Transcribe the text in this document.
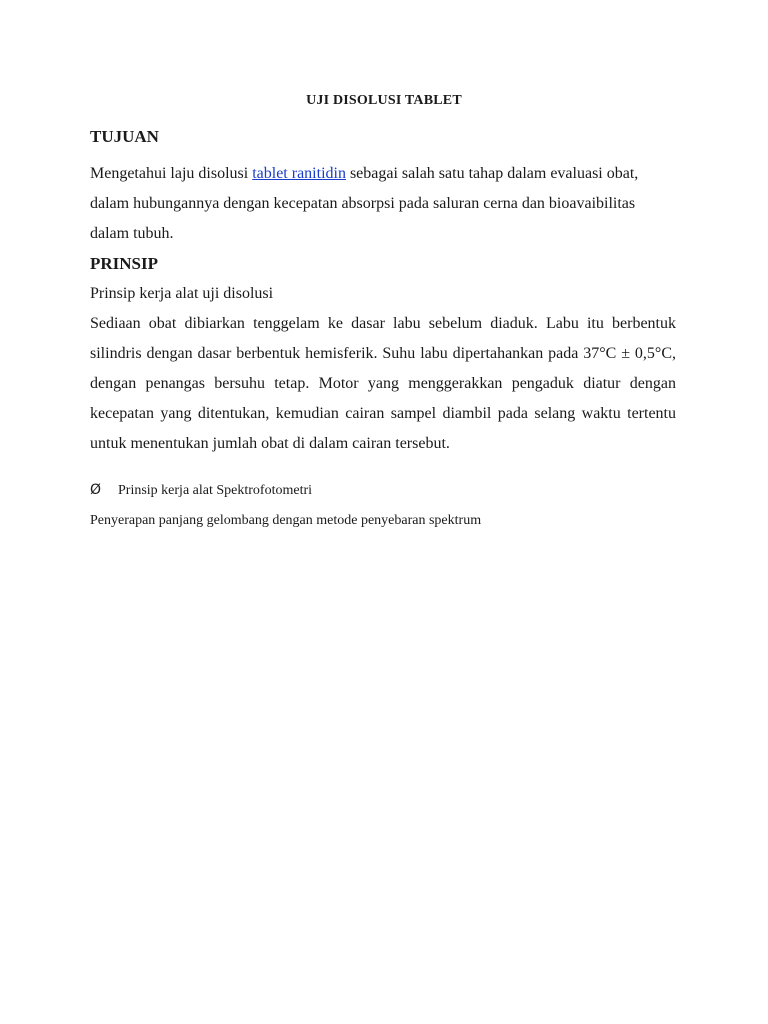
UJI DISOLUSI TABLET
TUJUAN

Mengetahui laju disolusi tablet ranitidin sebagai salah satu tahap dalam evaluasi obat, dalam hubungannya dengan kecepatan absorpsi pada saluran cerna dan bioavaibilitas dalam tubuh.

PRINSIP

Prinsip kerja alat uji disolusi

Sediaan obat dibiarkan tenggelam ke dasar labu sebelum diaduk. Labu itu berbentuk silindris dengan dasar berbentuk hemisferik. Suhu labu dipertahankan pada 37°C ± 0,5°C, dengan penangas bersuhu tetap. Motor yang menggerakkan pengaduk diatur dengan kecepatan yang ditentukan, kemudian cairan sampel diambil pada selang waktu tertentu untuk menentukan jumlah obat di dalam cairan tersebut.

Ø Prinsip kerja alat Spektrofotometri
Penyerapan panjang gelombang dengan metode penyebaran spektrum
